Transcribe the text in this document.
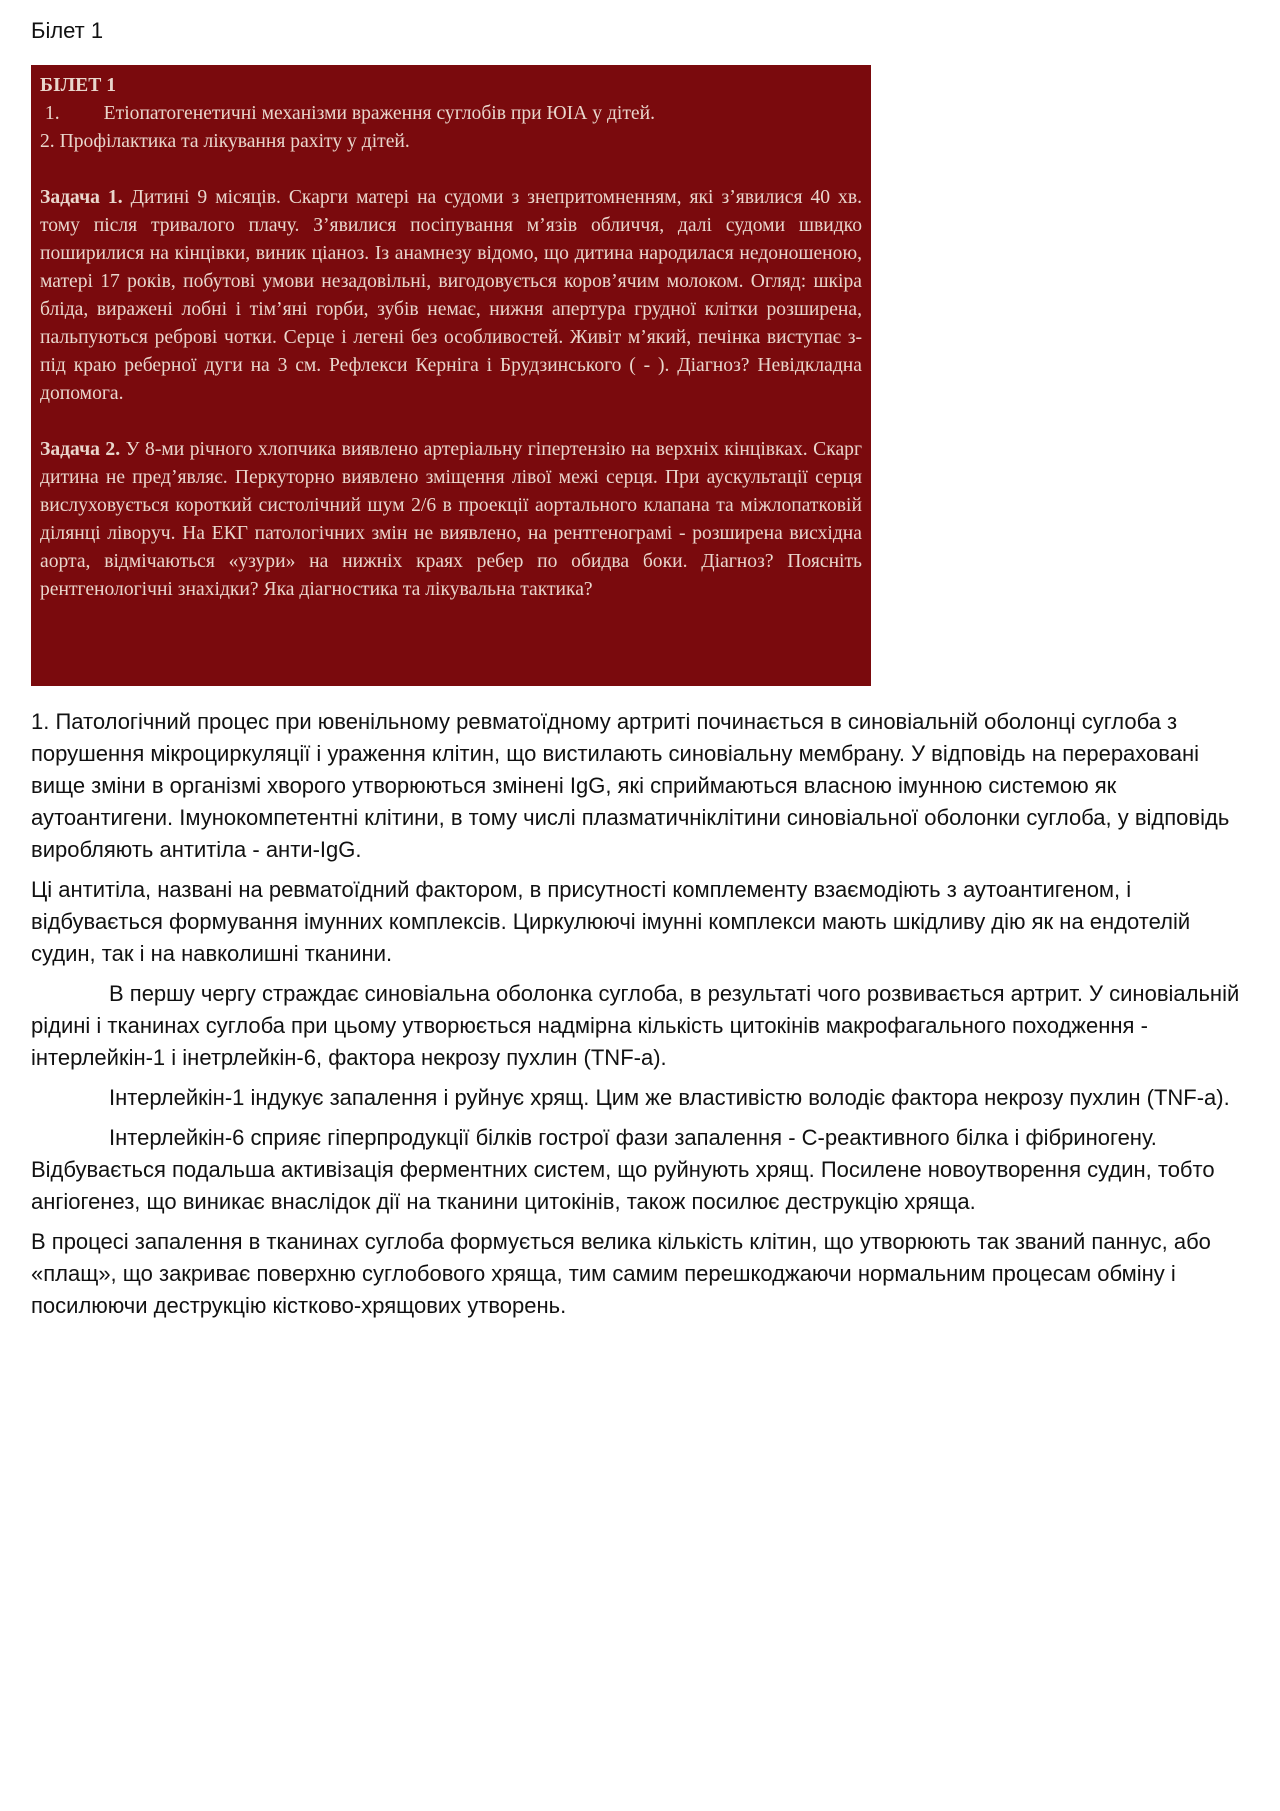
Білет 1
БІЛЕТ 1
1.         Етіопатогенетичні механізми враження суглобів при ЮІА у дітей.
2. Профілактика та лікування рахіту у дітей.
Задача 1. Дитині 9 місяців. Скарги матері на судоми з знепритомненням, які з’явилися 40 хв. тому після тривалого плачу. З’явилися посіпування м’язів обличчя, далі судоми швидко поширилися на кінцівки, виник ціаноз. Із анамнезу відомо, що дитина народилася недоношеною, матері 17 років, побутові умови незадовільні, вигодовується коров’ячим молоком. Огляд: шкіра бліда, виражені лобні і тім’яні горби, зубів немає, нижня апертура грудної клітки розширена, пальпуються реброві чотки. Серце і легені без особливостей. Живіт м’який, печінка виступає з-під краю реберної дуги на 3 см. Рефлекси Керніга і Брудзинського ( - ). Діагноз? Невідкладна допомога.
Задача 2. У 8-ми річного хлопчика виявлено артеріальну гіпертензію на верхніх кінцівках. Скарг дитина не пред’являє. Перкуторно виявлено зміщення лівої межі серця. При аускультації серця вислуховується короткий систолічний шум 2/6 в проекції аортального клапана та міжлопатковій ділянці ліворуч. На ЕКГ патологічних змін не виявлено, на рентгенограмі - розширена висхідна аорта, відмічаються «узури» на нижніх краях ребер по обидва боки. Діагноз? Поясніть рентгенологічні знахідки? Яка діагностика та лікувальна тактика?

1. Патологічний процес при ювенільному ревматоїдному артриті починається в синовіальній оболонці суглоба з порушення мікроциркуляції і ураження клітин, що вистилають синовіальну мембрану. У відповідь на перераховані вище зміни в організмі хворого утворюються змінені IgG, які сприймаються власною імунною системою як аутоантигени. Імунокомпетентні клітини, в тому числі плазматичніклітини синовіальної оболонки суглоба, у відповідь виробляють антитіла - анти-IgG.

Ці антитіла, названі на ревматоїдний фактором, в присутності комплементу взаємодіють з аутоантигеном, і відбувається формування імунних комплексів. Циркулюючі імунні комплекси мають шкідливу дію як на ендотелій судин, так і на навколишні тканини.

В першу чергу страждає синовіальна оболонка суглоба, в результаті чого розвивається артрит. У синовіальній рідині і тканинах суглоба при цьому утворюється надмірна кількість цитокінів макрофагального походження - інтерлейкін-1 і інетрлейкін-6, фактора некрозу пухлин (TNF-a).

Інтерлейкін-1 індукує запалення і руйнує хрящ. Цим же властивістю володіє фактора некрозу пухлин (TNF-a).

Інтерлейкін-6 сприяє гіперпродукції білків гострої фази запалення - С-реактивного білка і фібриногену. Відбувається подальша активізація ферментних систем, що руйнують хрящ. Посилене новоутворення судин, тобто ангіогенез, що виникає внаслідок дії на тканини цитокінів, також посилює деструкцію хряща.

В процесі запалення в тканинах суглоба формується велика кількість клітин, що утворюють так званий паннус, або «плащ», що закриває поверхню суглобового хряща, тим самим перешкоджаючи нормальним процесам обміну і посилюючи деструкцію кістково-хрящових утворень.
